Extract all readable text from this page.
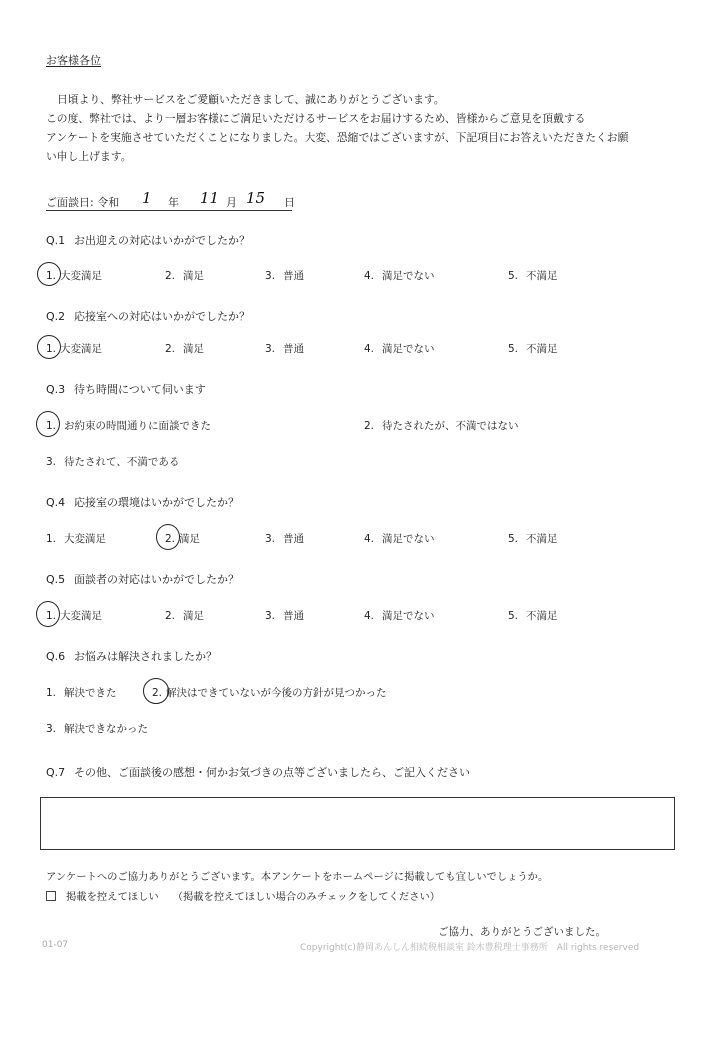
お客様各位
日頃より、弊社サービスをご愛顧いただきまして、誠にありがとうございます。
この度、弊社では、より一層お客様にご満足いただけるサービスをお届けするため、皆様からご意見を頂戴する
アンケートを実施させていただくことになりました。大変、恐縮ではございますが、下記項目にお答えいただきたくお願
い申し上げます。
ご面談日: 令和 1 年 11 月 15 日
Q.1 お出迎えの対応はいかがでしたか？
1. 大変満足	2. 満足	3. 普通	4. 満足でない	5. 不満足
Q.2 応接室への対応はいかがでしたか？
1. 大変満足	2. 満足	3. 普通	4. 満足でない	5. 不満足
Q.3 待ち時間について伺います
1. お約束の時間通りに面談できた	2. 待たされたが、不満ではない
3. 待たされて、不満である
Q.4 応接室の環境はいかがでしたか？
1. 大変満足	2. 満足	3. 普通	4. 満足でない	5. 不満足
Q.5 面談者の対応はいかがでしたか？
1. 大変満足	2. 満足	3. 普通	4. 満足でない	5. 不満足
Q.6 お悩みは解決されましたか？
1. 解決できた	2. 解決はできていないが今後の方針が見つかった
3. 解決できなかった
Q.7 その他、ご面談後の感想・何かお気づきの点等ございましたら、ご記入ください
アンケートへのご協力ありがとうございます。本アンケートをホームページに掲載しても宜しいでしょうか。
掲載を控えてほしい （掲載を控えてほしい場合のみチェックをしてください）
ご協力、ありがとうございました。
01-07	Copyright(c)静岡あんしん相続税相談室 鈴木豊税理士事務所　All rights reserved
